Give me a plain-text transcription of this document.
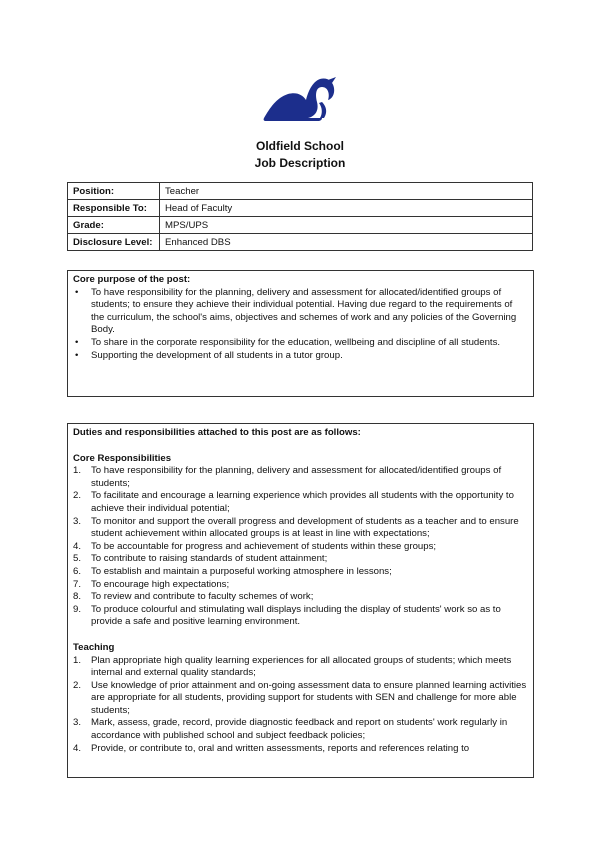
Oldfield School
Job Description
Position:	Teacher
Responsible To:	Head of Faculty
Grade:	MPS/UPS
Disclosure Level:	Enhanced DBS
Core purpose of the post:
• To have responsibility for the planning, delivery and assessment for allocated/identified groups of students; to ensure they achieve their individual potential. Having due regard to the requirements of the curriculum, the school's aims, objectives and schemes of work and any policies of the Governing Body.
• To share in the corporate responsibility for the education, wellbeing and discipline of all students.
• Supporting the development of all students in a tutor group.
Duties and responsibilities attached to this post are as follows:
Core Responsibilities
1. To have responsibility for the planning, delivery and assessment for allocated/identified groups of students;
2. To facilitate and encourage a learning experience which provides all students with the opportunity to achieve their individual potential;
3. To monitor and support the overall progress and development of students as a teacher and to ensure student achievement within allocated groups is at least in line with expectations;
4. To be accountable for progress and achievement of students within these groups;
5. To contribute to raising standards of student attainment;
6. To establish and maintain a purposeful working atmosphere in lessons;
7. To encourage high expectations;
8. To review and contribute to faculty schemes of work;
9. To produce colourful and stimulating wall displays including the display of students' work so as to provide a safe and positive learning environment.
Teaching
1. Plan appropriate high quality learning experiences for all allocated groups of students; which meets internal and external quality standards;
2. Use knowledge of prior attainment and on-going assessment data to ensure planned learning activities are appropriate for all students, providing support for students with SEN and challenge for more able students;
3. Mark, assess, grade, record, provide diagnostic feedback and report on students' work regularly in accordance with published school and subject feedback policies;
4. Provide, or contribute to, oral and written assessments, reports and references relating to
